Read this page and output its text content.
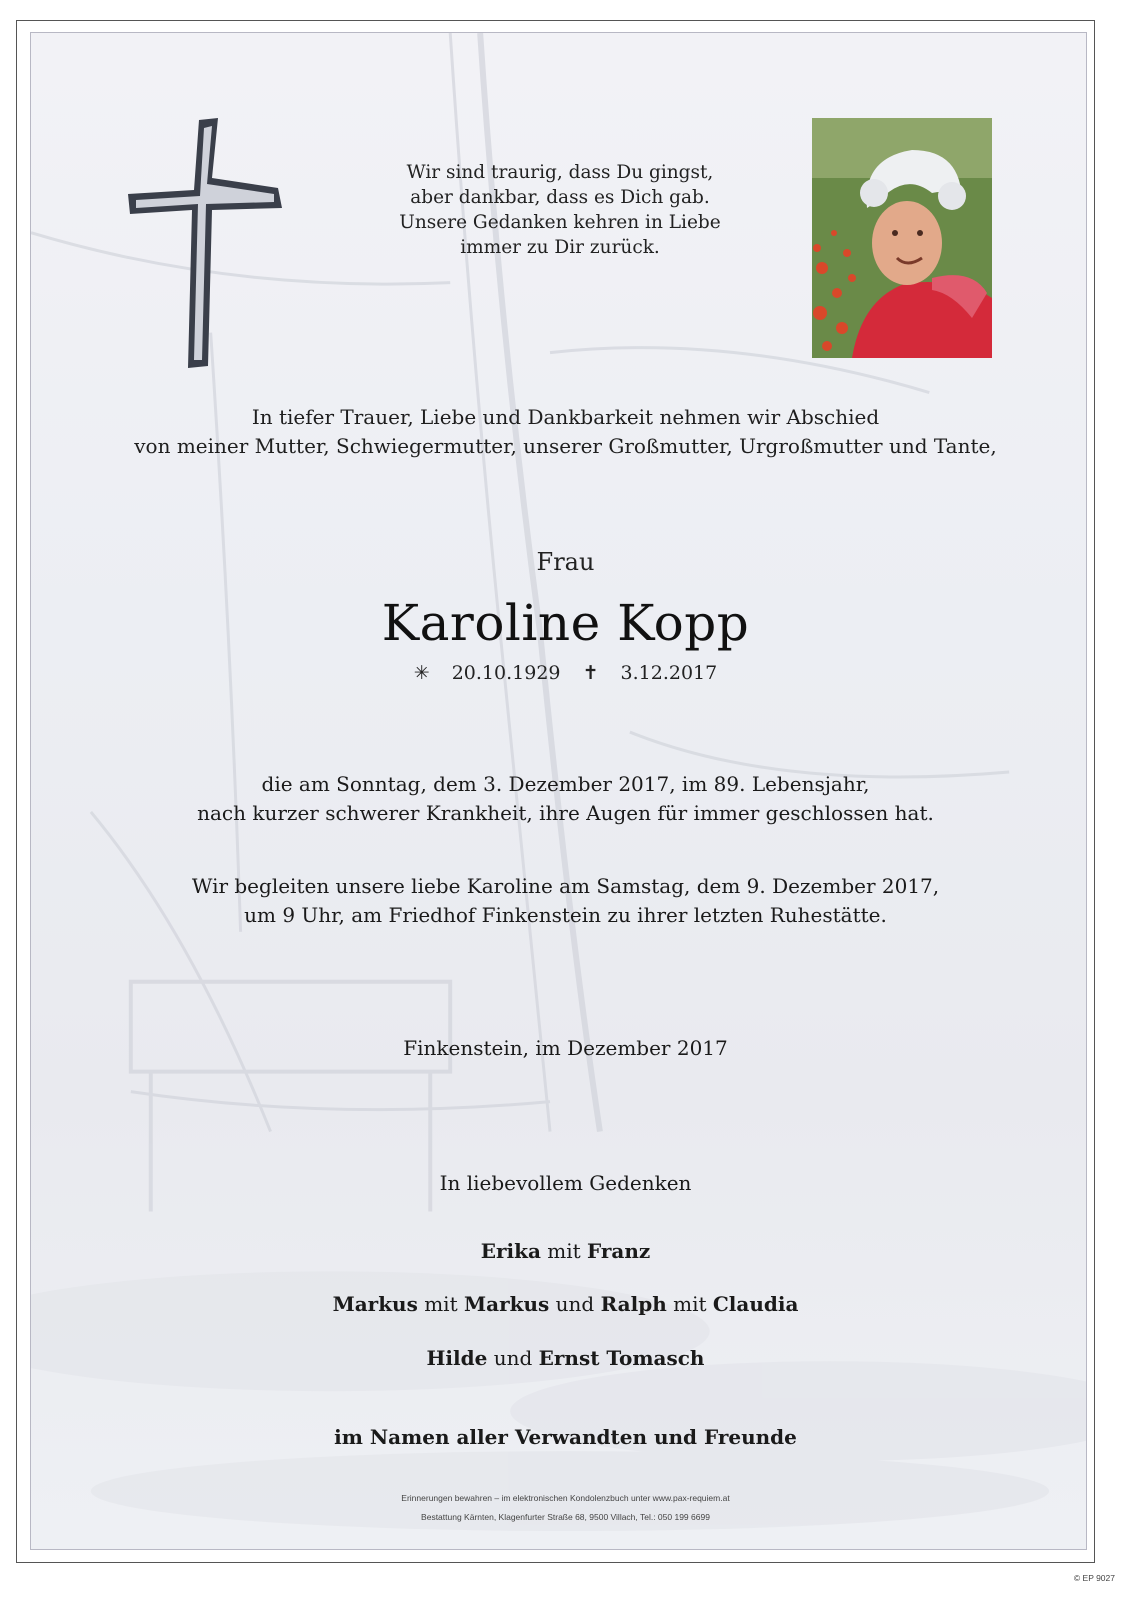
Wir sind traurig, dass Du gingst,
aber dankbar, dass es Dich gab.
Unsere Gedanken kehren in Liebe
immer zu Dir zurück.
In tiefer Trauer, Liebe und Dankbarkeit nehmen wir Abschied
von meiner Mutter, Schwiegermutter, unserer Großmutter, Urgroßmutter und Tante,
Frau
Karoline Kopp
✳ 20.10.1929 ✝ 3.12.2017
die am Sonntag, dem 3. Dezember 2017, im 89. Lebensjahr,
nach kurzer schwerer Krankheit, ihre Augen für immer geschlossen hat.
Wir begleiten unsere liebe Karoline am Samstag, dem 9. Dezember 2017,
um 9 Uhr, am Friedhof Finkenstein zu ihrer letzten Ruhestätte.
Finkenstein, im Dezember 2017
In liebevollem Gedenken
Erika mit Franz
Markus mit Markus und Ralph mit Claudia
Hilde und Ernst Tomasch
im Namen aller Verwandten und Freunde
Erinnerungen bewahren – im elektronischen Kondolenzbuch unter www.pax-requiem.at
Bestattung Kärnten, Klagenfurter Straße 68, 9500 Villach, Tel.: 050 199 6699
© EP 9027
